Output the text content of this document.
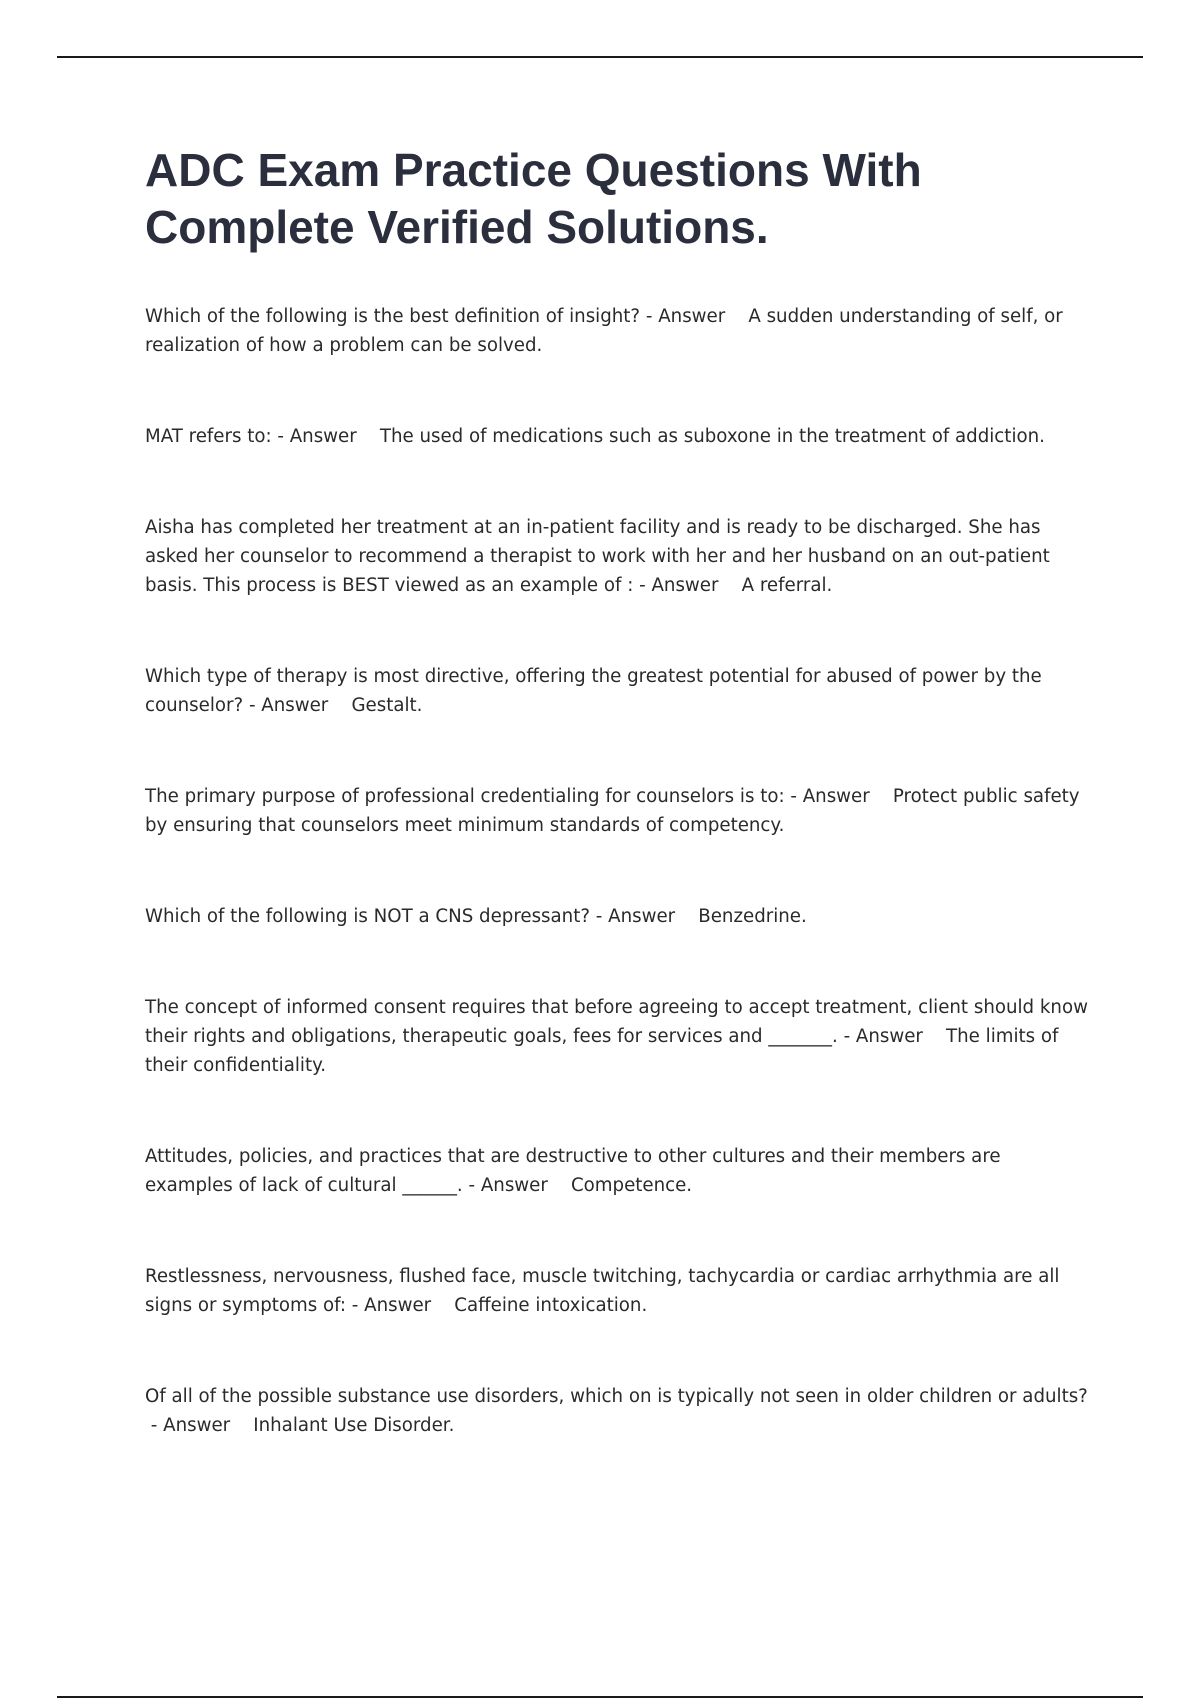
ADC Exam Practice Questions With Complete Verified Solutions.

Which of the following is the best definition of insight? - Answer    A sudden understanding of self, or realization of how a problem can be solved.

MAT refers to: - Answer    The used of medications such as suboxone in the treatment of addiction.

Aisha has completed her treatment at an in-patient facility and is ready to be discharged. She has asked her counselor to recommend a therapist to work with her and her husband on an out-patient basis. This process is BEST viewed as an example of : - Answer    A referral.

Which type of therapy is most directive, offering the greatest potential for abused of power by the counselor? - Answer    Gestalt.

The primary purpose of professional credentialing for counselors is to: - Answer    Protect public safety by ensuring that counselors meet minimum standards of competency.

Which of the following is NOT a CNS depressant? - Answer    Benzedrine.

The concept of informed consent requires that before agreeing to accept treatment, client should know their rights and obligations, therapeutic goals, fees for services and _______. - Answer    The limits of their confidentiality.

Attitudes, policies, and practices that are destructive to other cultures and their members are examples of lack of cultural ______. - Answer    Competence.

Restlessness, nervousness, flushed face, muscle twitching, tachycardia or cardiac arrhythmia are all signs or symptoms of: - Answer    Caffeine intoxication.

Of all of the possible substance use disorders, which on is typically not seen in older children or adults? - Answer    Inhalant Use Disorder.
